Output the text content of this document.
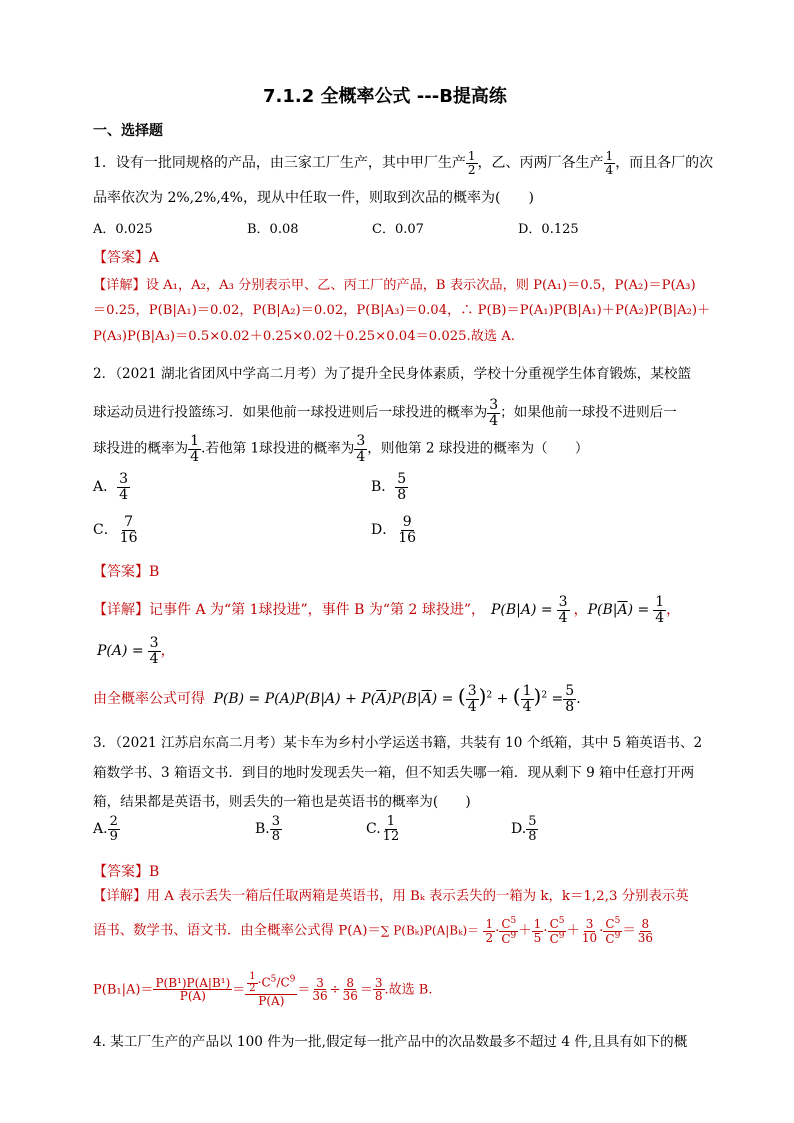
7.1.2 全概率公式 ---B提高练
一、选择题
1．设有一批同规格的产品，由三家工厂生产，其中甲厂生产 $\frac{1}{2}$ ，乙、丙两厂各生产 $\frac{1}{4}$ ，而且各厂的次
品率依次为 2%,2%,4%，现从中任取一件，则取到次品的概率为(　　)
A．0.025	B．0.08	C．0.07	D．0.125
【答案】A
【详解】设 A₁，A₂，A₃ 分别表示甲、乙、丙工厂的产品，B 表示次品，则 P(A₁)＝0.5，P(A₂)＝P(A₃)
＝0.25，P(B|A₁)＝0.02，P(B|A₂)＝0.02，P(B|A₃)＝0.04，∴ P(B)＝P(A₁)P(B|A₁)＋P(A₂)P(B|A₂)＋
P(A₃)P(B|A₃)＝0.5×0.02＋0.25×0.02＋0.25×0.04＝0.025.故选 A.
2．（2021 湖北省团风中学高二月考）为了提升全民身体素质，学校十分重视学生体育锻炼，某校篮
球运动员进行投篮练习．如果他前一球投进则后一球投进的概率为 $\frac{3}{4}$ ；如果他前一球投不进则后一
球投进的概率为 $\frac{1}{4}$ .若他第 1球投进的概率为 $\frac{3}{4}$ ，则他第 2 球投进的概率为（　　）
A． $\frac{3}{4}$	B． $\frac{5}{8}$
C． $\frac{7}{16}$	D． $\frac{9}{16}$
【答案】B
【详解】记事件 A 为“第 1球投进”，事件 B 为“第 2 球投进”， $P(B|A) = \frac{3}{4}$ ，$P(B|\overline{A}) = \frac{1}{4}$ ，
$P(A) = \frac{3}{4}$ ，
由全概率公式可得 $P(B) = P(A)P(B|A) + P(\overline{A})P(B|\overline{A})$ = ( $\frac{3}{4} )^2$ + ( $\frac{1}{4} )^2 = \frac{5}{8}$ .
3．（2021 江苏启东高二月考）某卡车为乡村小学运送书籍，共装有 10 个纸箱，其中 5 箱英语书、2
箱数学书、3 箱语文书．到目的地时发现丢失一箱，但不知丢失哪一箱．现从剩下 9 箱中任意打开两
箱，结果都是英语书，则丢失的一箱也是英语书的概率为(　　)
A. $\frac{2}{9}$	B. $\frac{3}{8}$	C. $\frac{1}{12}$	D. $\frac{5}{8}$
【答案】B
【详解】用 A 表示丢失一箱后任取两箱是英语书，用 Bₖ 表示丢失的一箱为 k，k＝1,2,3 分别表示英
语书、数学书、语文书．由全概率公式得 P(A)＝∑ $P(B_k)P(A|B_k)= \frac{1}{2} \cdot \frac{C^5}{C^9} + \frac{1}{5} \cdot \frac{C^5}{C^9} + \frac{3}{10} \cdot \frac{C^5}{C^9} = \frac{8}{36}$
$P(B_1|A)= \frac{\text{P(B¹)P(A|B¹)}}{P(A)} = \frac{\frac{1}{2} \cdot C^5/C^9}{P(A)} = \frac{3}{36} \div \frac{8}{36} = \frac{3}{8}$ .故选 B.
4. 某工厂生产的产品以 100 件为一批,假定每一批产品中的次品数最多不超过 4 件,且具有如下的概
